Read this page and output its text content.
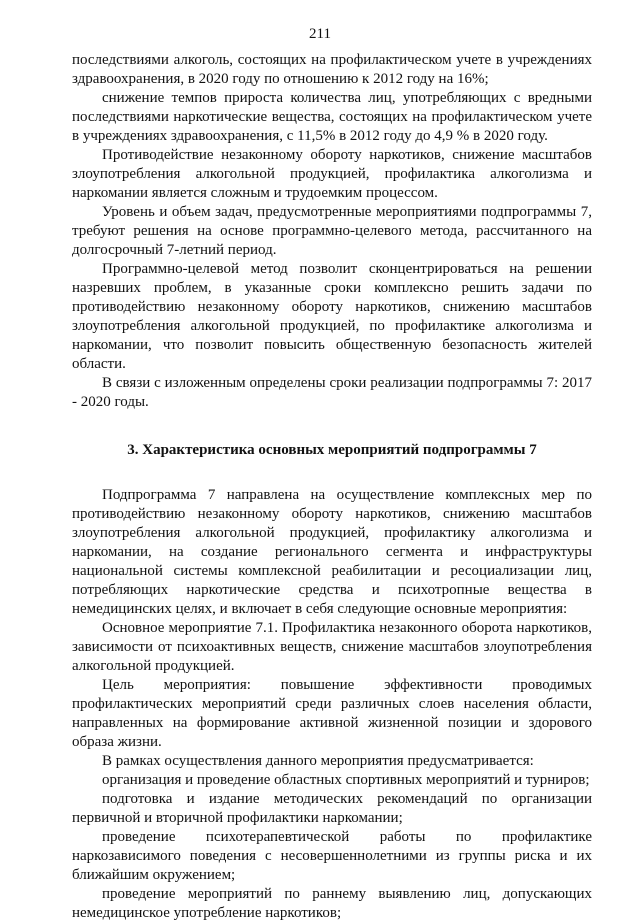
211

последствиями алкоголь, состоящих на профилактическом учете в учреждениях здравоохранения, в 2020 году по отношению к 2012 году на 16%;

снижение темпов прироста количества лиц, употребляющих с вредными последствиями наркотические вещества, состоящих на профилактическом учете в учреждениях здравоохранения, с 11,5% в 2012 году до 4,9 % в 2020 году.

Противодействие незаконному обороту наркотиков, снижение масштабов злоупотребления алкогольной продукцией, профилактика алкоголизма и наркомании является сложным и трудоемким процессом.

Уровень и объем задач, предусмотренные мероприятиями подпрограммы 7, требуют решения на основе программно-целевого метода, рассчитанного на долгосрочный 7-летний период.

Программно-целевой метод позволит сконцентрироваться на решении назревших проблем, в указанные сроки комплексно решить задачи по противодействию незаконному обороту наркотиков, снижению масштабов злоупотребления алкогольной продукцией, по профилактике алкоголизма и наркомании, что позволит повысить общественную безопасность жителей области.

В связи с изложенным определены сроки реализации подпрограммы 7: 2017 - 2020 годы.

3. Характеристика основных мероприятий подпрограммы 7

Подпрограмма 7 направлена на осуществление комплексных мер по противодействию незаконному обороту наркотиков, снижению масштабов злоупотребления алкогольной продукцией, профилактику алкоголизма и наркомании, на создание регионального сегмента и инфраструктуры национальной системы комплексной реабилитации и ресоциализации лиц, потребляющих наркотические средства и психотропные вещества в немедицинских целях, и включает в себя следующие основные мероприятия:

Основное мероприятие 7.1. Профилактика незаконного оборота наркотиков, зависимости от психоактивных веществ, снижение масштабов злоупотребления алкогольной продукцией.

Цель мероприятия: повышение эффективности проводимых профилактических мероприятий среди различных слоев населения области, направленных на формирование активной жизненной позиции и здорового образа жизни.

В рамках осуществления данного мероприятия предусматривается:

организация и проведение областных спортивных мероприятий и турниров;

подготовка и издание методических рекомендаций по организации первичной и вторичной профилактики наркомании;

проведение психотерапевтической работы по профилактике наркозависимого поведения с несовершеннолетними из группы риска и их ближайшим окружением;

проведение мероприятий по раннему выявлению лиц, допускающих немедицинское употребление наркотиков;
